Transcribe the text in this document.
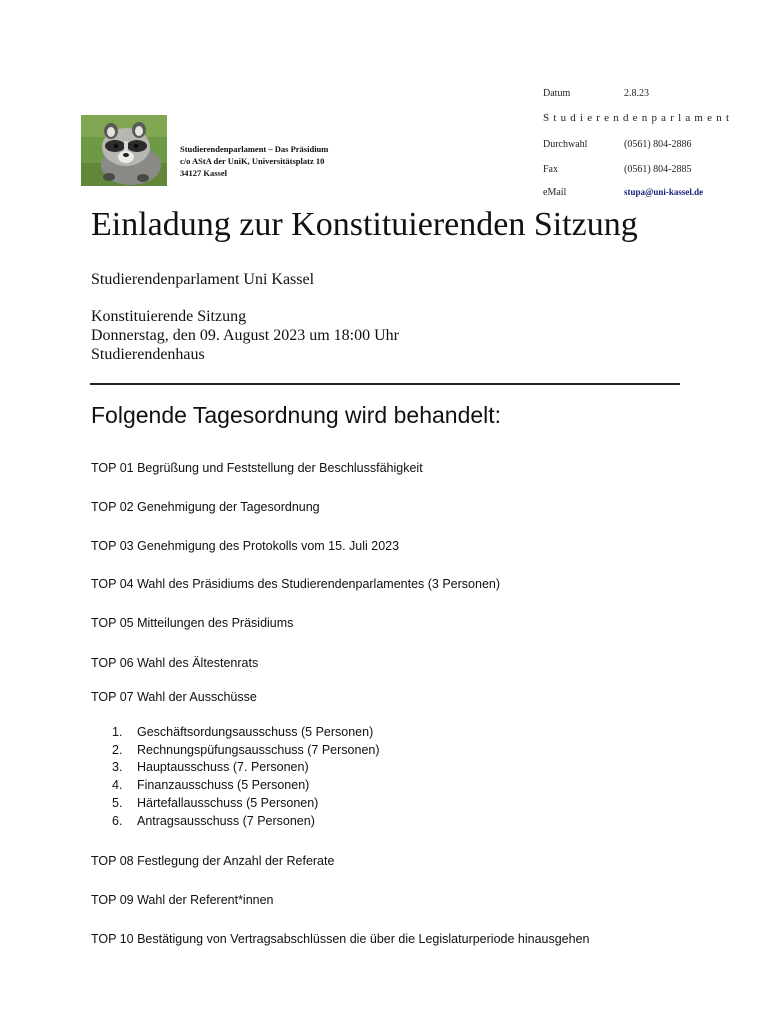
Studierendenparlament – Das Präsidium
c/o AStA der UniK, Universitätsplatz 10
34127 Kassel
Datum	2.8.23
Studierendenparlament
Durchwahl	(0561) 804-2886
Fax	(0561) 804-2885
eMail	stupa@uni-kassel.de
Einladung zur Konstituierenden Sitzung
Studierendenparlament Uni Kassel
Konstituierende Sitzung
Donnerstag, den 09. August 2023 um 18:00 Uhr
Studierendenhaus
Folgende Tagesordnung wird behandelt:
TOP 01 Begrüßung und Feststellung der Beschlussfähigkeit
TOP 02 Genehmigung der Tagesordnung
TOP 03 Genehmigung des Protokolls vom 15. Juli 2023
TOP 04 Wahl des Präsidiums des Studierendenparlamentes (3 Personen)
TOP 05 Mitteilungen des Präsidiums
TOP 06 Wahl des Ältestenrats
TOP 07 Wahl der Ausschüsse
1. Geschäftsordungsausschuss (5 Personen)
2. Rechnungspüfungsausschuss (7 Personen)
3. Hauptausschuss (7. Personen)
4. Finanzausschuss (5 Personen)
5. Härtefallausschuss (5 Personen)
6. Antragsausschuss (7 Personen)
TOP 08 Festlegung der Anzahl der Referate
TOP 09 Wahl der Referent*innen
TOP 10 Bestätigung von Vertragsabschlüssen die über die Legislaturperiode hinausgehen
